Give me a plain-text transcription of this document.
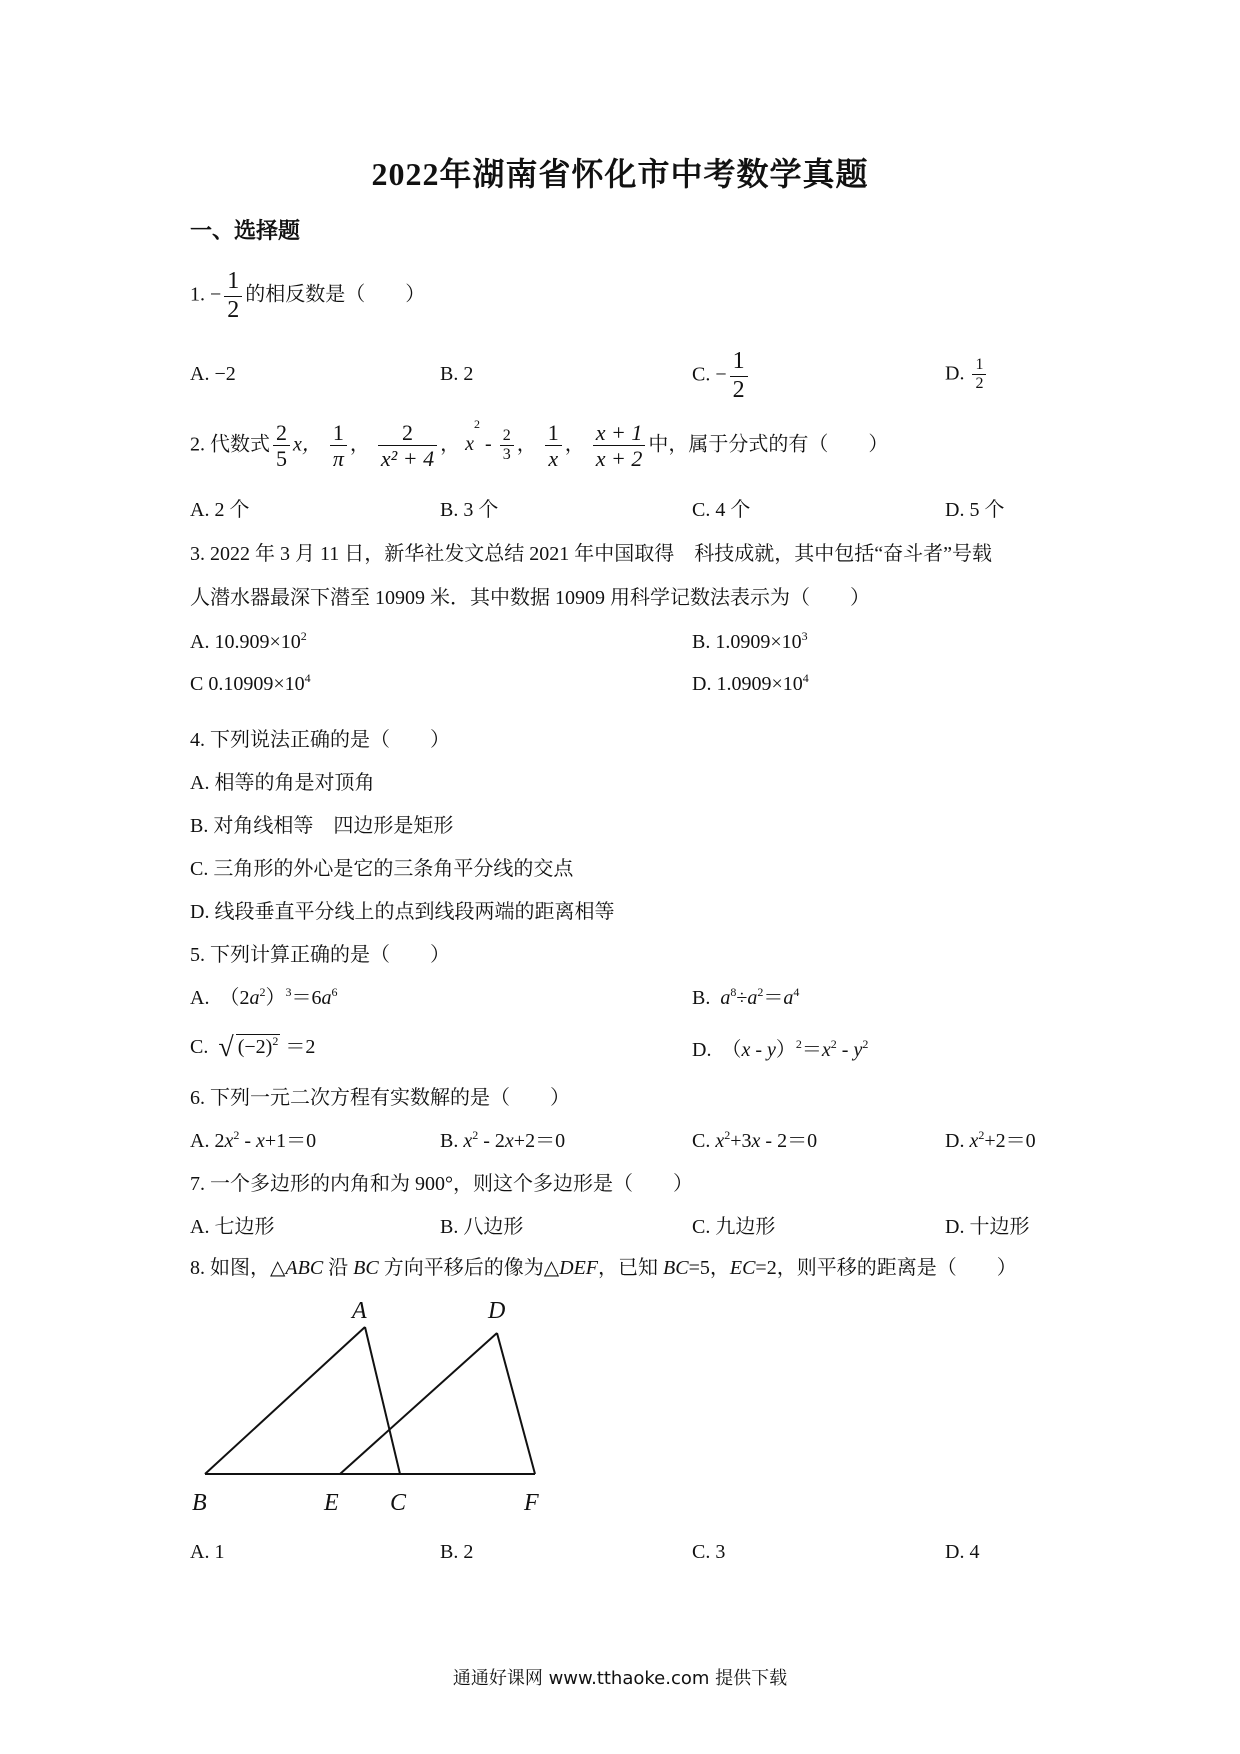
2022年湖南省怀化市中考数学真题
一、选择题
1. − $\frac{1}{2}$ 的相反数是（　　）
A. −2	B. 2	C. − $\frac{1}{2}$	D. $\frac{1}{2}$
2. 代数式 $\frac{2}{5}$ x， $\frac{1}{\pi}$ ， $\frac{2}{\text{x² + 4}}$ ， $x^2 - \frac{2}{3}$ ， $\frac{1}{x}$ ， $\frac{x + 1}{x + 2}$ 中，属于分式的有（　　）
A. 2 个	B. 3 个	C. 4 个	D. 5 个
3. 2022 年 3 月 11 日，新华社发文总结 2021 年中国取得　科技成就，其中包括“奋斗者”号载
人潜水器最深下潜至 10909 米．其中数据 10909 用科学记数法表示为（　　）
A. $10.909\times 10^2$	B. $1.0909\times 10^3$
C $0.10909\times 10^4$	D. $1.0909\times 10^4$
4. 下列说法正确的是（　　）
A. 相等的角是对顶角
B. 对角线相等　四边形是矩形
C. 三角形的外心是它的三条角平分线的交点
D. 线段垂直平分线上的点到线段两端的距离相等
5. 下列计算正确的是（　　）
A. $(2a^2)^3=6a^6$	B. $a^8\div a^2=a^4$
C. √ $(-2)^2 =2$	D. $(x - y)^2=x^2 - y^2$
6. 下列一元二次方程有实数解的是（　　）
A. $2x^2 - x+1=0$	B. $x^2 - 2x+2=0$	C. $x^2+3x - 2=0$	D. $x^2+2=0$
7. 一个多边形的内角和为 900°，则这个多边形是（　　）
A. 七边形	B. 八边形	C. 九边形	D. 十边形
8. 如图，△ABC 沿 BC 方向平移后的像为△DEF，已知 BC=5，EC=2，则平移的距离是（　　）
A	D
B	E C	F
A. 1	B. 2	C. 3	D. 4
通通好课网 www.tthaoke.com 提供下载
